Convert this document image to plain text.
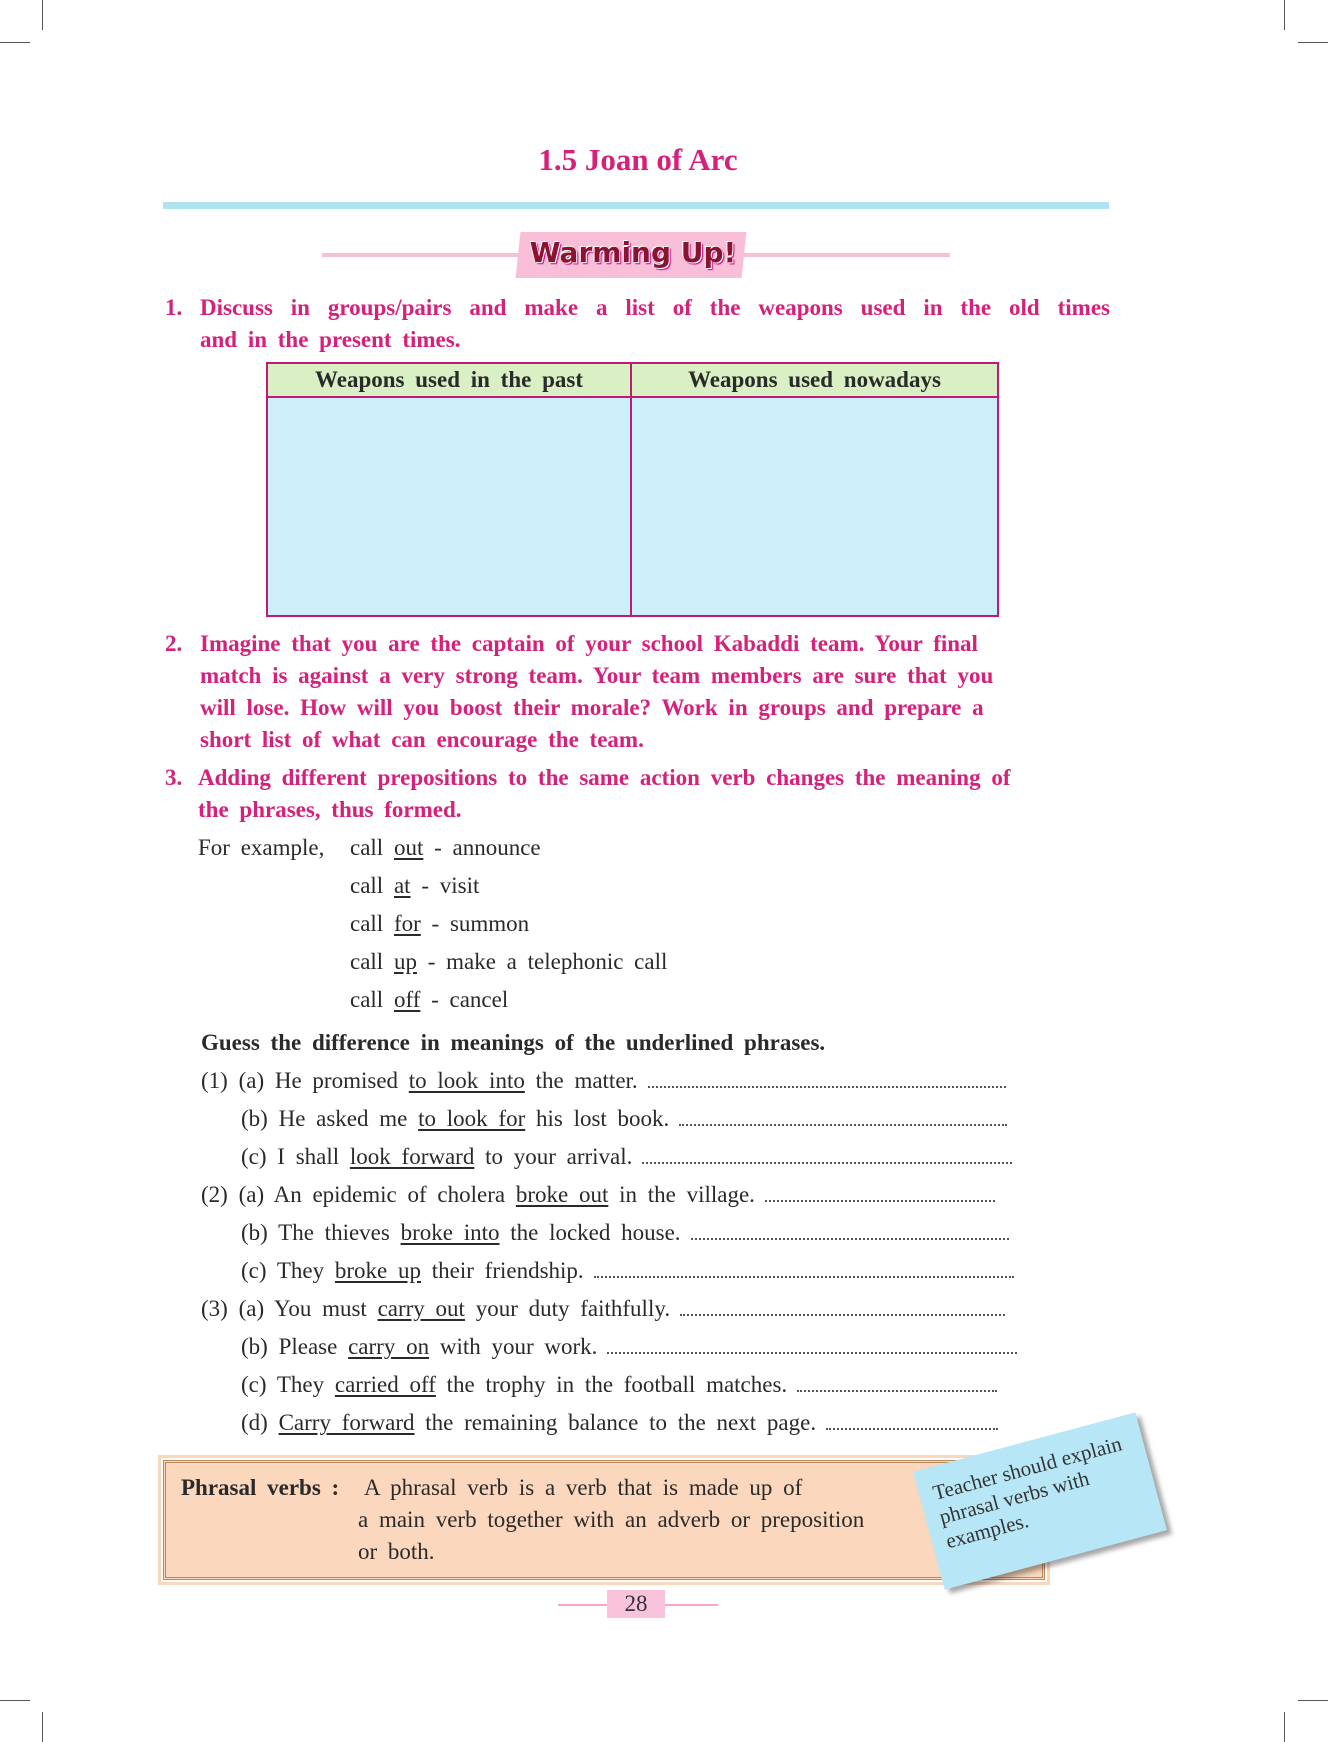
1.5 Joan of Arc
Warming Up!
1. Discuss in groups/pairs and make a list of the weapons used in the old times
and in the present times.
Weapons used in the past	Weapons used nowadays

2. Imagine that you are the captain of your school Kabaddi team. Your final
match is against a very strong team. Your team members are sure that you
will lose. How will you boost their morale? Work in groups and prepare a
short list of what can encourage the team.
3. Adding different prepositions to the same action verb changes the meaning of
the phrases, thus formed.
For example, call out - announce
call at - visit
call for - summon
call up - make a telephonic call
call off - cancel
Guess the difference in meanings of the underlined phrases.
(1) (a) He promised to look into the matter.
(b) He asked me to look for his lost book.
(c) I shall look forward to your arrival.
(2) (a) An epidemic of cholera broke out in the village.
(b) The thieves broke into the locked house.
(c) They broke up their friendship.
(3) (a) You must carry out your duty faithfully.
(b) Please carry on with your work.
(c) They carried off the trophy in the football matches.
(d) Carry forward the remaining balance to the next page.
Phrasal verbs : A phrasal verb is a verb that is made up of
a main verb together with an adverb or preposition
or both.
Teacher should explain phrasal verbs with examples.
28
